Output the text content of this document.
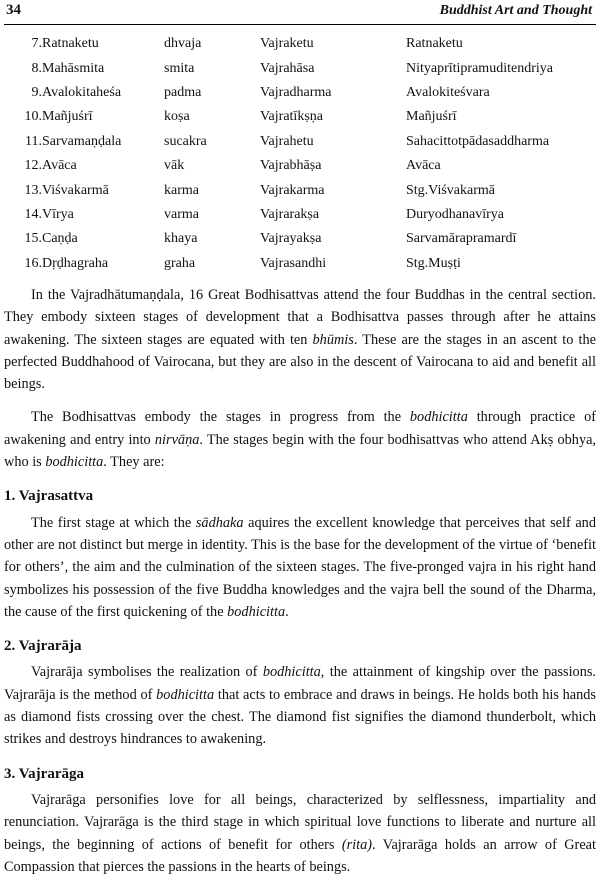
34	Buddhist Art and Thought
7.	Ratnaketu	dhvaja	Vajraketu	Ratnaketu
8.	Mahāsmita	smita	Vajrahāsa	Nityaprītipramuditendriya
9.	Avalokitaheśa	padma	Vajradharma	Avalokiteśvara
10.	Mañjuśrī	koṣa	Vajratīkṣṇa	Mañjuśrī
11.	Sarvamaṇḍala	sucakra	Vajrahetu	Sahacittotpādasaddharma
12.	Avāca	vāk	Vajrabhāṣa	Avāca
13.	Viśvakarmā	karma	Vajrakarma	Stg.Viśvakarmā
14.	Vīrya	varma	Vajrarakṣa	Duryodhanavīrya
15.	Caṇḍa	khaya	Vajrayakṣa	Sarvamārapramardī
16.	Dṛḍhagraha	graha	Vajrasandhi	Stg.Muṣṭi

In the Vajradhātumaṇḍala, 16 Great Bodhisattvas attend the four Buddhas in the central section. They embody sixteen stages of development that a Bodhisattva passes through after he attains awakening. The sixteen stages are equated with ten bhūmis. These are the stages in an ascent to the perfected Buddhahood of Vairocana, but they are also in the descent of Vairocana to aid and benefit all beings.

The Bodhisattvas embody the stages in progress from the bodhicitta through practice of awakening and entry into nirvāṇa. The stages begin with the four bodhisattvas who attend Akṣ obhya, who is bodhicitta. They are:

1. Vajrasattva

The first stage at which the sādhaka aquires the excellent knowledge that perceives that self and other are not distinct but merge in identity. This is the base for the development of the virtue of ‘benefit for others’, the aim and the culmination of the sixteen stages. The five-pronged vajra in his right hand symbolizes his possession of the five Buddha knowledges and the vajra bell the sound of the Dharma, the cause of the first quickening of the bodhicitta.

2. Vajrarāja

Vajrarāja symbolises the realization of bodhicitta, the attainment of kingship over the passions. Vajrarāja is the method of bodhicitta that acts to embrace and draws in beings. He holds both his hands as diamond fists crossing over the chest. The diamond fist signifies the diamond thunderbolt, which strikes and destroys hindrances to awakening.

3. Vajrarāga

Vajrarāga personifies love for all beings, characterized by selflessness, impartiality and renunciation. Vajrarāga is the third stage in which spiritual love functions to liberate and nurture all beings, the beginning of actions of benefit for others (rita). Vajrarāga holds an arrow of Great Compassion that pierces the passions in the hearts of beings.
